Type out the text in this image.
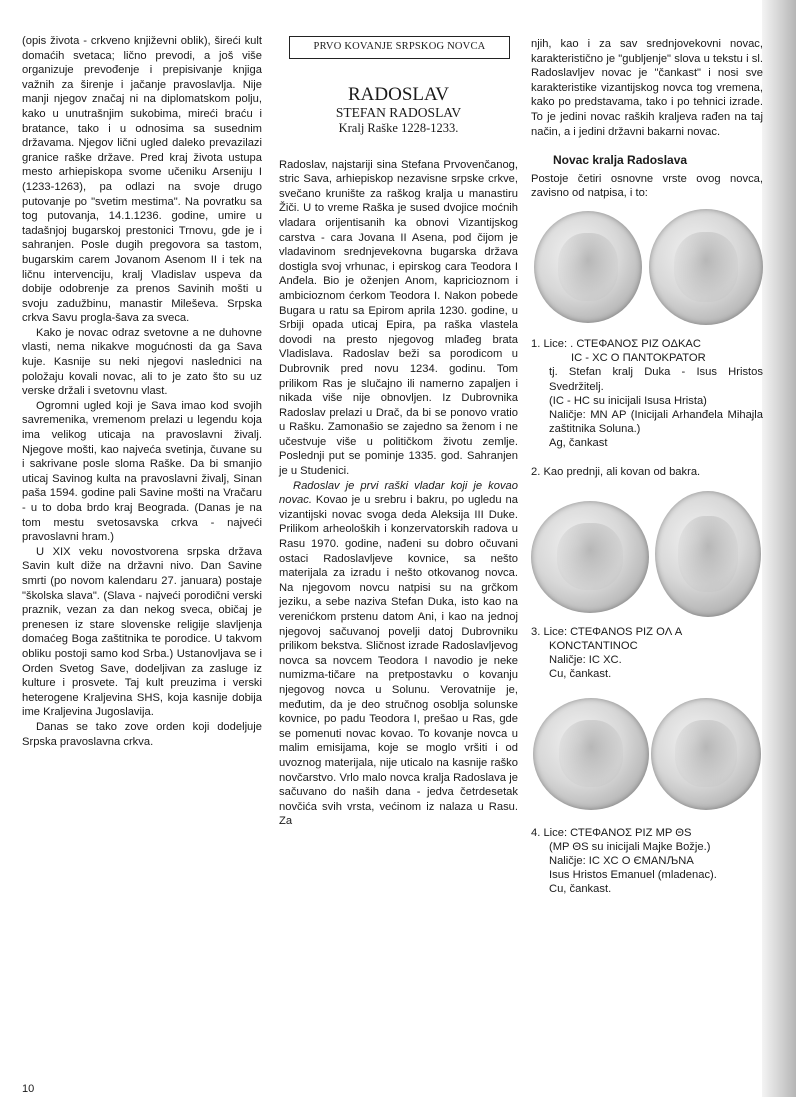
(opis života - crkveno književni oblik), šireći kult domaćih svetaca; lično prevodi, a još više organizuje prevođenje i prepisivanje knjiga važnih za širenje i jačanje pravoslavlja. Nije manji njegov značaj ni na diplomatskom polju, kako u unutrašnjim sukobima, mireći braću i bratance, tako i u odnosima sa susednim državama. Njegov lični ugled daleko prevazilazi granice raške države. Pred kraj života ustupa mesto arhiepiskopa svome učeniku Arseniju I (1233-1263), pa odlazi na svoje drugo putovanje po "svetim mestima". Na povratku sa tog putovanja, 14.1.1236. godine, umire u tadašnjoj bugarskoj prestonici Trnovu, gde je i sahranjen. Posle dugih pregovora sa tastom, bugarskim carem Jovanom Asenom II i tek na ličnu intervenciju, kralj Vladislav uspeva da dobije odobrenje za prenos Savinih mošti u svoju zadužbinu, manastir Mileševa. Srpska crkva Savu progla-šava za sveca.

Kako je novac odraz svetovne a ne duhovne vlasti, nema nikakve mogućnosti da ga Sava kuje. Kasnije su neki njegovi naslednici na položaju kovali novac, ali to je zato što su uz verske držali i svetovnu vlast.

Ogromni ugled koji je Sava imao kod svojih savremenika, vremenom prelazi u legendu koja ima velikog uticaja na pravoslavni živalj. Njegove mošti, kao najveća svetinja, čuvane su i sakrivane posle sloma Raške. Da bi smanjio uticaj Savinog kulta na pravoslavni živalj, Sinan paša 1594. godine pali Savine mošti na Vračaru - u to doba brdo kraj Beograda. (Danas je na tom mestu svetosavska crkva - najveći pravoslavni hram.)

U XIX veku novostvorena srpska država Savin kult diže na državni nivo. Dan Savine smrti (po novom kalendaru 27. januara) postaje "školska slava". (Slava - najveći porodični verski praznik, vezan za dan nekog sveca, običaj je prenesen iz stare slovenske religije slavljenja domaćeg Boga zaštitnika te porodice. U takvom obliku postoji samo kod Srba.) Ustanovljava se i Orden Svetog Save, dodeljivan za zasluge iz kulture i prosvete. Taj kult preuzima i verski heterogene Kraljevina SHS, koja kasnije dobija ime Kraljevina Jugoslavija.

Danas se tako zove orden koji dodeljuje Srpska pravoslavna crkva.

PRVO KOVANJE SRPSKOG NOVCA
RADOSLAV
STEFAN RADOSLAV
Kralj Raške 1228-1233.

Radoslav, najstariji sina Stefana Prvovenčanog, stric Sava, arhiepiskop nezavisne srpske crkve, svečano krunište za raškog kralja u manastiru Žiči. U to vreme Raška je sused dvojice moćnih vladara orijentisanih ka obnovi Vizantijskog carstva - cara Jovana II Asena, pod čijom je vladavinom srednjevekovna bugarska država dostigla svoj vrhunac, i epirskog cara Teodora I Anđela. Bio je oženjen Anom, kapricioznom i ambicioznom ćerkom Teodora I. Nakon pobede Bugara u ratu sa Epirom aprila 1230. godine, u Srbiji opada uticaj Epira, pa raška vlastela dovodi na presto njegovog mlađeg brata Vladislava. Radoslav beži sa porodicom u Dubrovnik pred novu 1234. godinu. Tom prilikom Ras je slučajno ili namerno zapaljen i nikada više nije obnovljen. Iz Dubrovnika Radoslav prelazi u Drač, da bi se ponovo vratio u Rašku. Zamonašio se zajedno sa ženom i ne učestvuje više u političkom životu zemlje. Poslednji put se pominje 1335. god. Sahranjen je u Studenici.

Radoslav je prvi raški vladar koji je kovao novac. Kovao je u srebru i bakru, po ugledu na vizantijski novac svoga deda Aleksija III Duke. Prilikom arheoloških i konzervatorskih radova u Rasu 1970. godine, nađeni su dobro očuvani ostaci Radoslavljeve kovnice, sa nešto materijala za izradu i nešto otkovanog novca. Na njegovom novcu natpisi su na grčkom jeziku, a sebe naziva Stefan Duka, isto kao na verenićkom prstenu datom Ani, i kao na jednoj njegovoj sačuvanoj povelji datoj Dubrovniku prilikom bekstva. Sličnost izrade Radoslavljevog novca sa novcem Teodora I navodio je neke numizma-tičare na pretpostavku o kovanju njegovog novca u Solunu. Verovatnije je, međutim, da je deo stručnog osoblja solunske kovnice, po padu Teodora I, prešao u Ras, gde se pomenuti novac kovao. To kovanje novca u malim emisijama, koje se moglo vršiti i od uvoznog materijala, nije uticalo na kasnije raško novčarstvo. Vrlo malo novca kralja Radoslava je sačuvano do naših dana - jedva četrdesetak novčića svih vrsta, većinom iz nalaza u Rasu. Za

njih, kao i za sav srednjovekovni novac, karakteristično je "gubljenje" slova u tekstu i sl. Radoslavljev novac je "čankast" i nosi sve karakteristike vizantijskog novca tog vremena, kako po predstavama, tako i po tehnici izrade. To je jedini novac raških kraljeva rađen na taj način, a i jedini državni bakarni novac.

Novac kralja Radoslava

Postoje četiri osnovne vrste ovog novca, zavisno od natpisa, i to:

1. Lice: . СТЕΦΑΝΟΣ PIZ OΔΚΑC
IC - XC O ΠΑΝΤΟΚΡΑΤΟR
tj. Stefan kralj Duka - Isus Hristos Svedržitelj.
(IC - HC su inicijali Isusa Hrista)
Naličje: MN AP (Inicijali Arhanđela Mihajla zaštitnika Soluna.)
Ag, čankast
2. Kao prednji, ali kovan od bakra.
3. Lice: СТЕΦΑΝΟS PIZ OΛ A
KONCTANTINOC
Naličje: IC XC.
Cu, čankast.
4. Lice: СТЕΦΑΝΟΣ PIZ MP ΘS
(MP ΘS su inicijali Majke Božje.)
Naličje: IC XC O ЄMANЉNA
Isus Hristos Emanuel (mladenac).
Cu, čankast.
10
